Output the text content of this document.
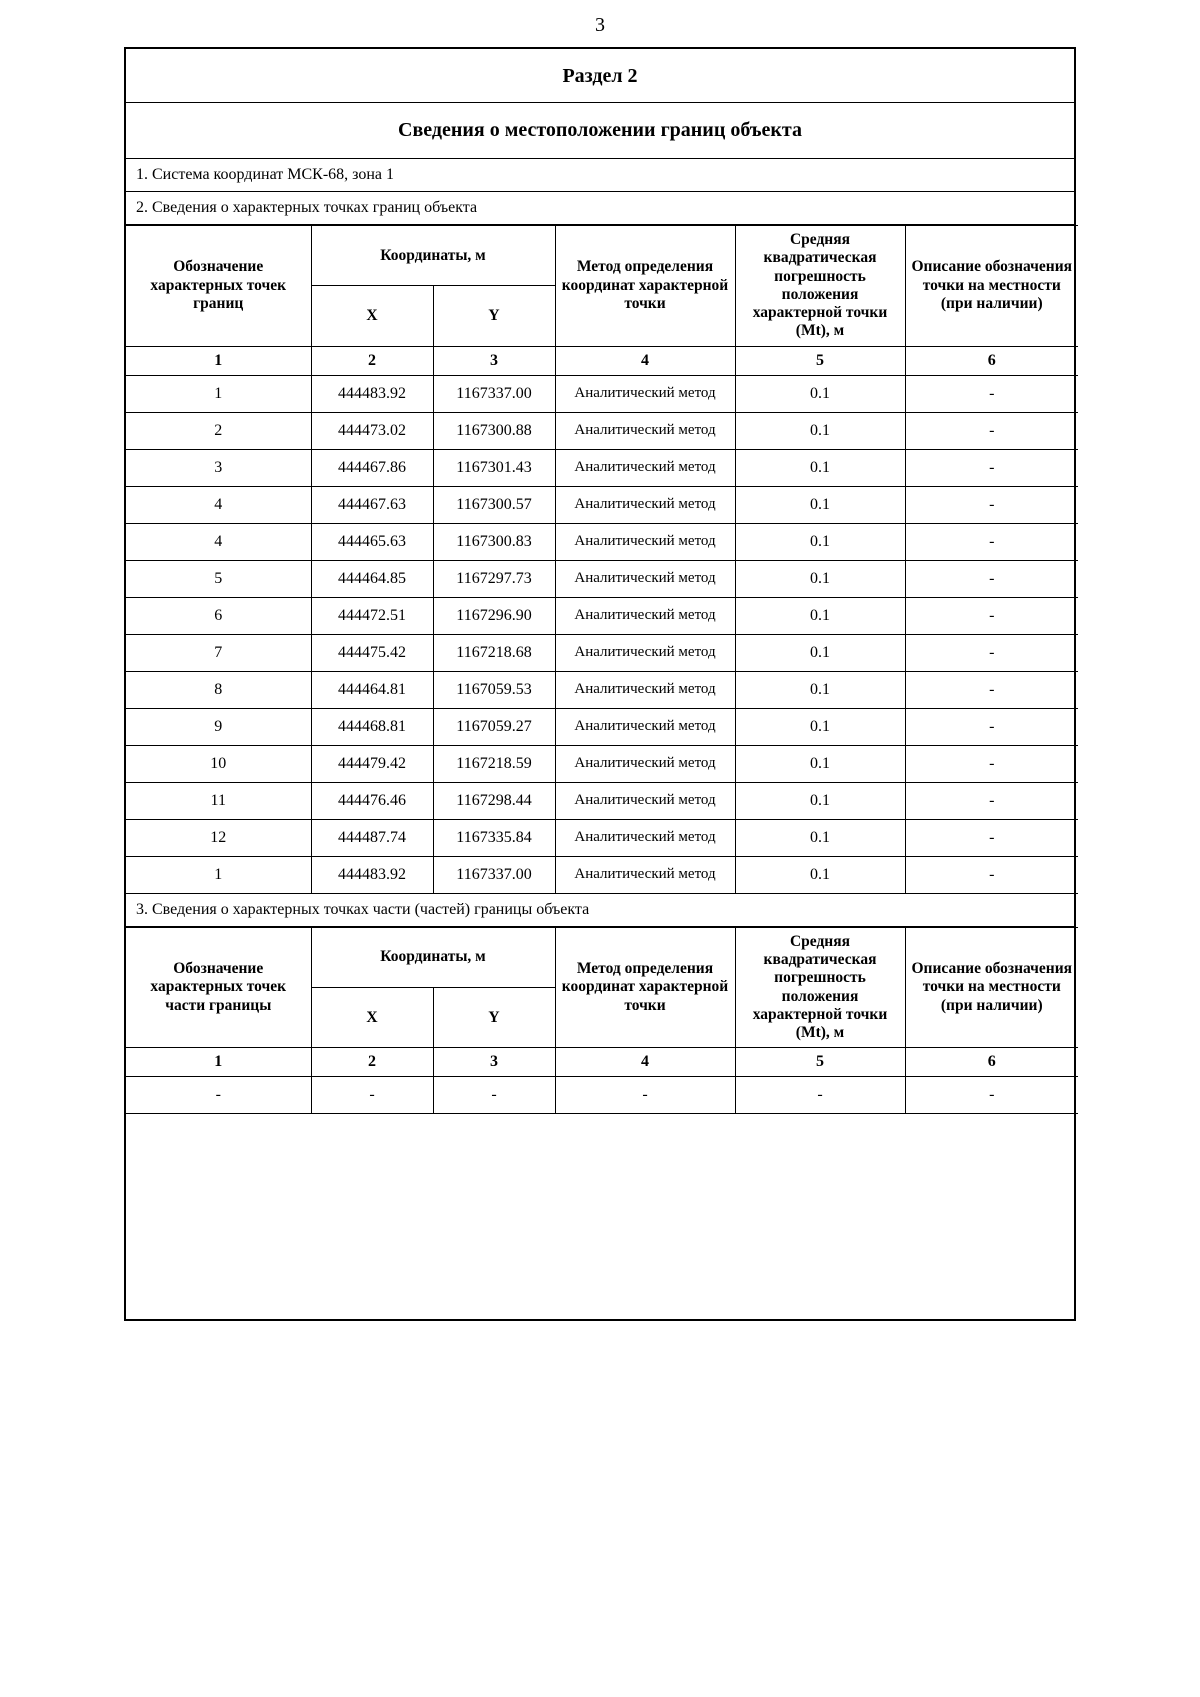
3
Раздел 2
Сведения о местоположении границ объекта
1. Система координат МСК-68, зона 1
2. Сведения о характерных точках границ объекта
Обозначение характерных точек границ	Координаты, м		Метод определения координат характерной точки	Средняя квадратическая погрешность положения характерной точки (Mt), м	Описание обозначения точки на местности (при наличии)
	X	Y			
1	2	3	4	5	6
1	444483.92	1167337.00	Аналитический метод	0.1	-
2	444473.02	1167300.88	Аналитический метод	0.1	-
3	444467.86	1167301.43	Аналитический метод	0.1	-
4	444467.63	1167300.57	Аналитический метод	0.1	-
4	444465.63	1167300.83	Аналитический метод	0.1	-
5	444464.85	1167297.73	Аналитический метод	0.1	-
6	444472.51	1167296.90	Аналитический метод	0.1	-
7	444475.42	1167218.68	Аналитический метод	0.1	-
8	444464.81	1167059.53	Аналитический метод	0.1	-
9	444468.81	1167059.27	Аналитический метод	0.1	-
10	444479.42	1167218.59	Аналитический метод	0.1	-
11	444476.46	1167298.44	Аналитический метод	0.1	-
12	444487.74	1167335.84	Аналитический метод	0.1	-
1	444483.92	1167337.00	Аналитический метод	0.1	-
3. Сведения о характерных точках части (частей) границы объекта
Обозначение характерных точек части границы	Координаты, м		Метод определения координат характерной точки	Средняя квадратическая погрешность положения характерной точки (Mt), м	Описание обозначения точки на местности (при наличии)
	X	Y			
1	2	3	4	5	6
-	-	-	-	-	-
